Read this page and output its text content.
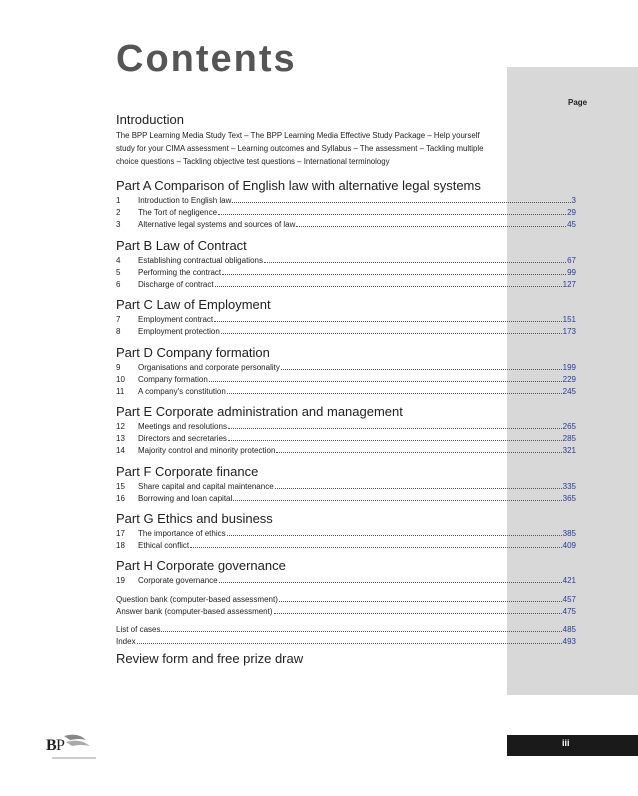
Page
Contents
Introduction
The BPP Learning Media Study Text – The BPP Learning Media Effective Study Package – Help yourself study for your CIMA assessment – Learning outcomes and Syllabus – The assessment – Tackling multiple choice questions – Tackling objective test questions – International terminology
Part A Comparison of English law with alternative legal systems
1	Introduction to English law	3
2	The Tort of negligence	29
3	Alternative legal systems and sources of law	45
Part B Law of Contract
4	Establishing contractual obligations	67
5	Performing the contract	99
6	Discharge of contract	127
Part C Law of Employment
7	Employment contract	151
8	Employment protection	173
Part D Company formation
9	Organisations and corporate personality	199
10	Company formation	229
11	A company's constitution	245
Part E Corporate administration and management
12	Meetings and resolutions	265
13	Directors and secretaries	285
14	Majority control and minority protection	321
Part F Corporate finance
15	Share capital and capital maintenance	335
16	Borrowing and loan capital	365
Part G Ethics and business
17	The importance of ethics	385
18	Ethical conflict	409
Part H Corporate governance
19	Corporate governance	421
Question bank (computer-based assessment)	457
Answer bank (computer-based assessment)	475
List of cases	485
Index	493
Review form and free prize draw
iii
B P
